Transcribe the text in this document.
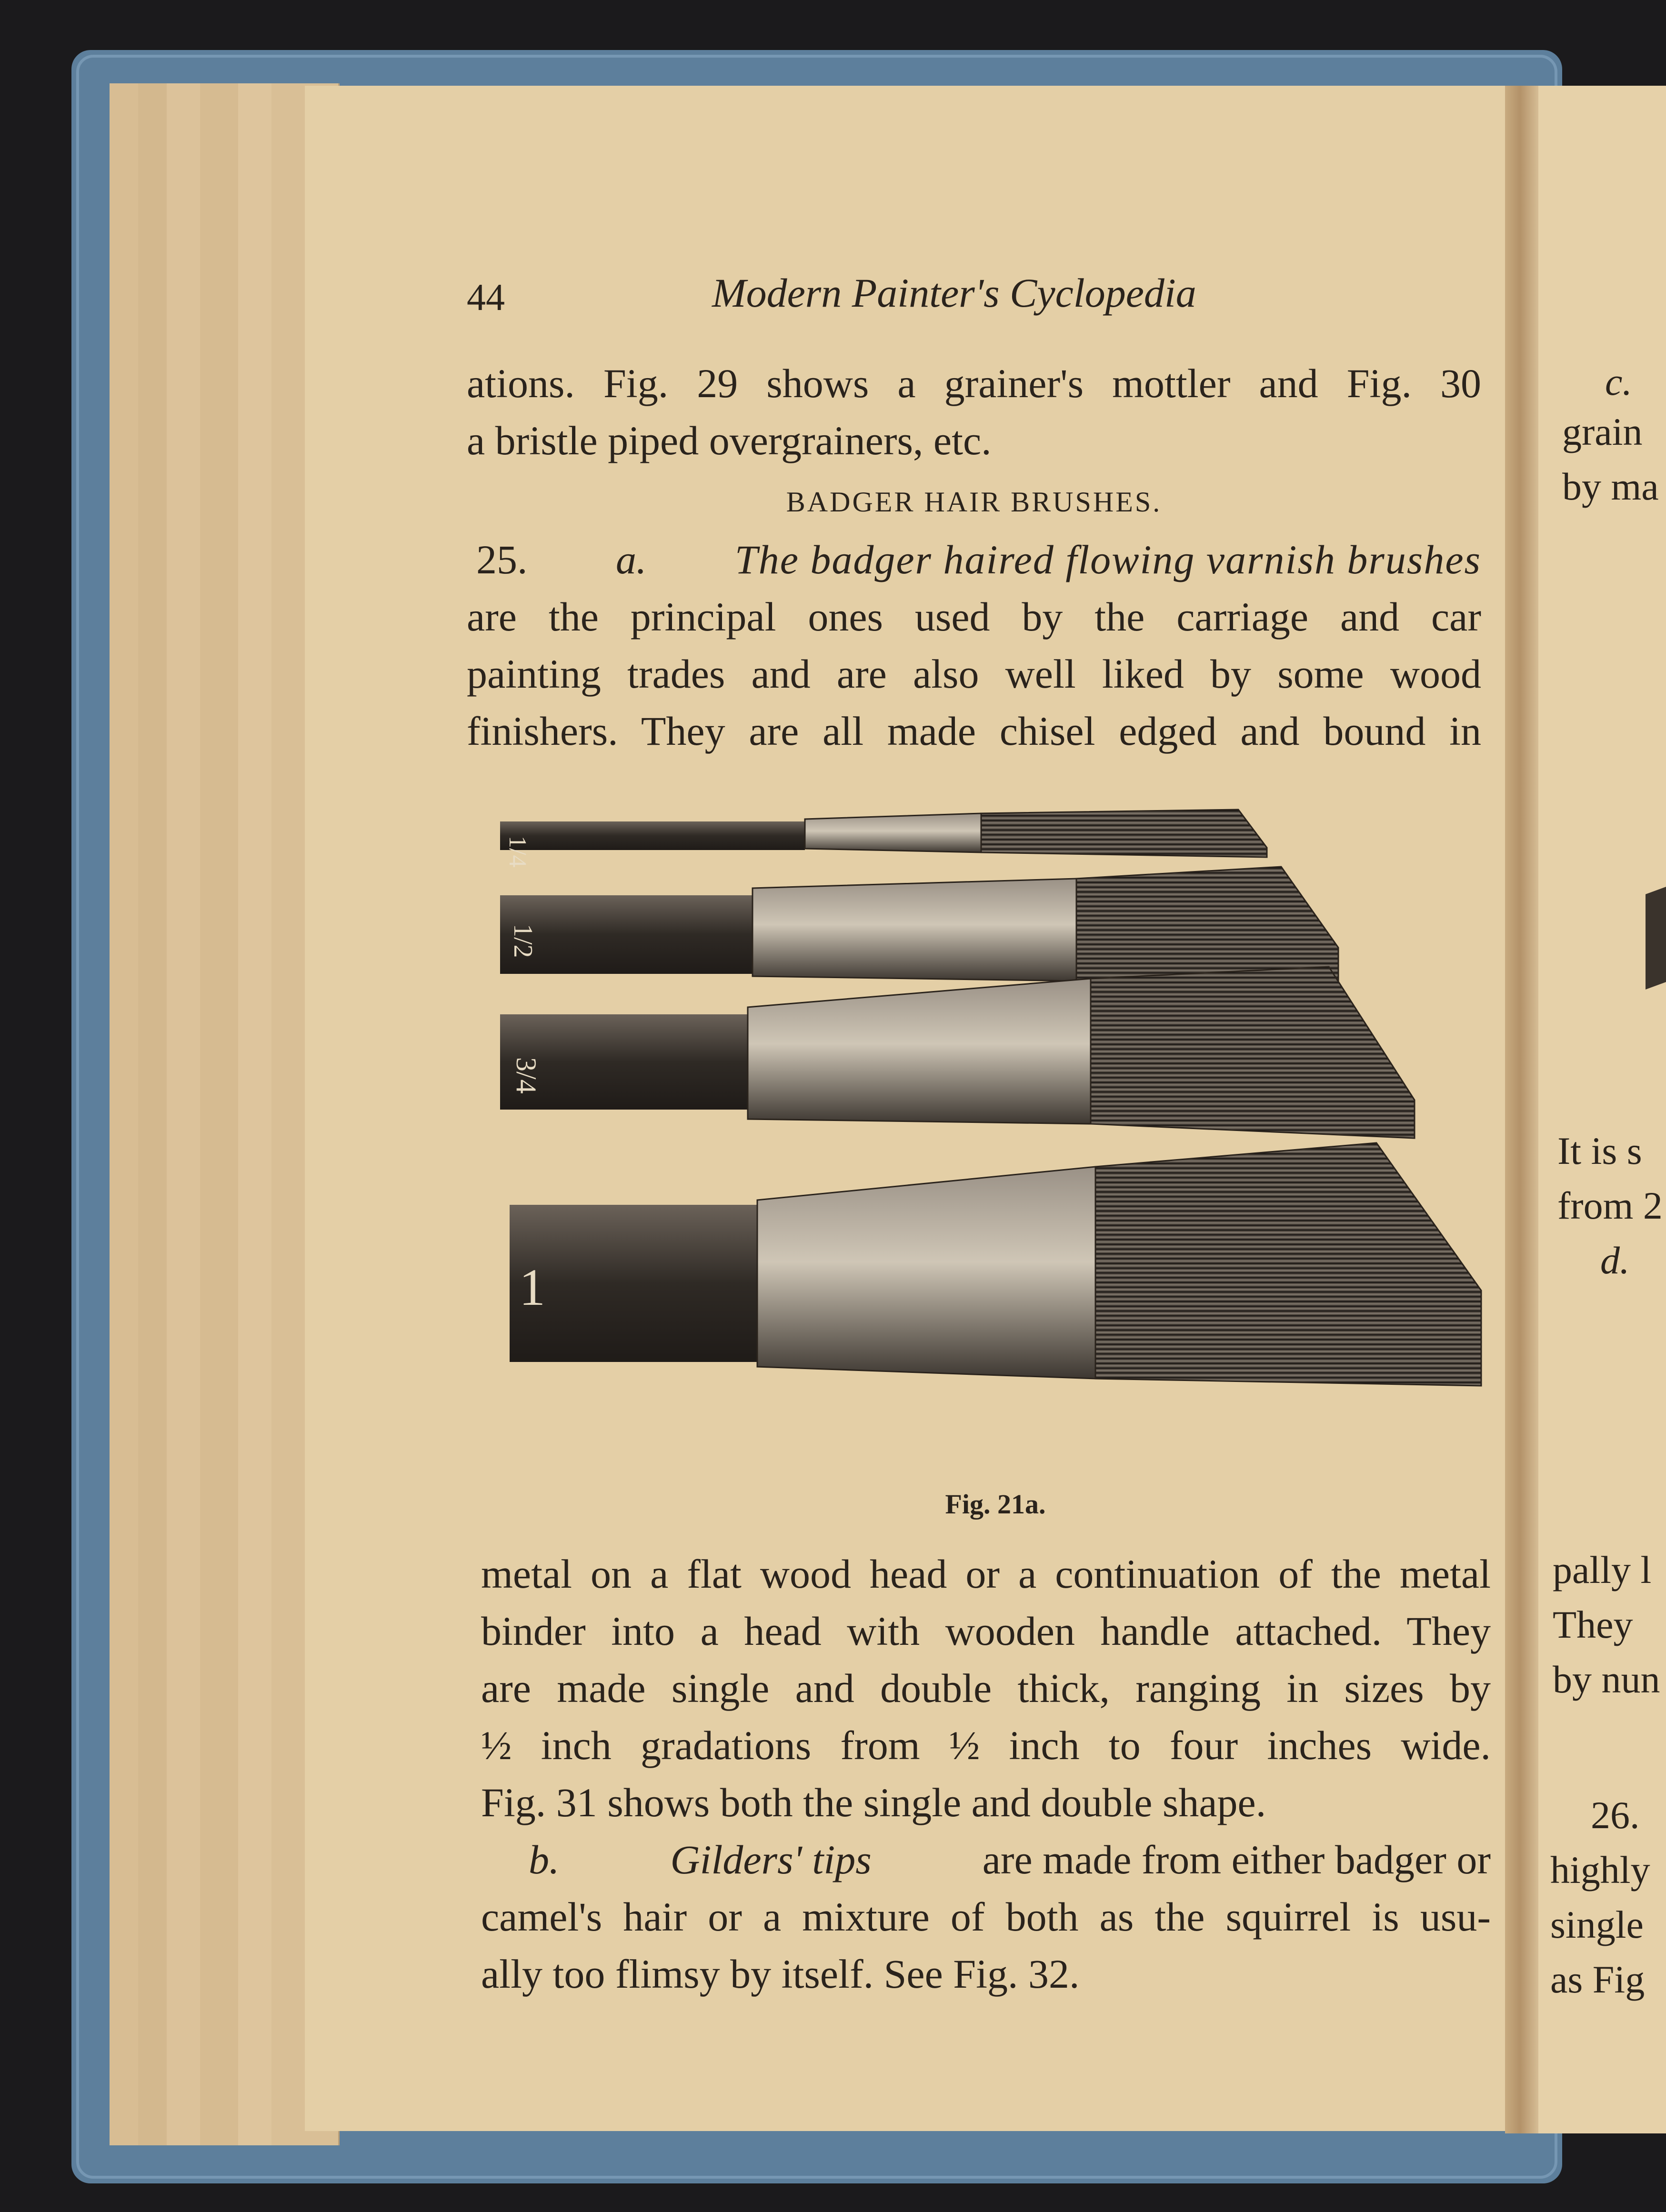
44	Modern Painter's Cyclopedia
ations. Fig. 29 shows a grainer's mottler and Fig. 30
a bristle piped overgrainers, etc.
BADGER HAIR BRUSHES.
25. a. The badger haired flowing varnish brushes
are the principal ones used by the carriage and car
painting trades and are also well liked by some wood
finishers. They are all made chisel edged and bound in
1/4
1/2
3/4
1
Fig. 21a.
metal on a flat wood head or a continuation of the metal
binder into a head with wooden handle attached. They
are made single and double thick, ranging in sizes by
½ inch gradations from ½ inch to four inches wide.
Fig. 31 shows both the single and double shape.
b.	Gilders' tips	are made from either badger or
camel's hair or a mixture of both as the squirrel is usu-
ally too flimsy by itself. See Fig. 32.
c.
grain
by ma
It is s
from 2
d.
pally l
They
by nun
26.
highly
single
as Fig
